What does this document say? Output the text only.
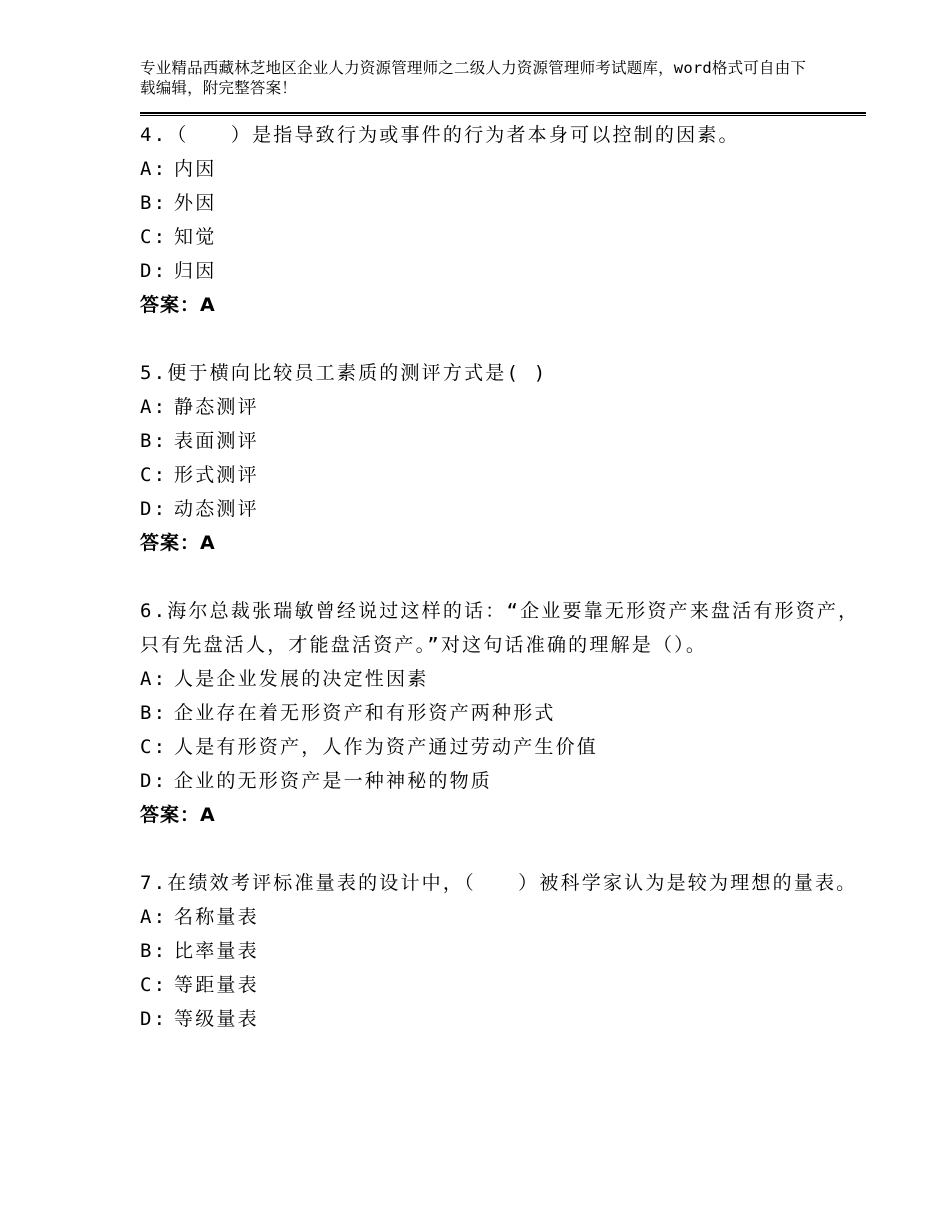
专业精品西藏林芝地区企业人力资源管理师之二级人力资源管理师考试题库，word格式可自由下载编辑，附完整答案！

4.（　　）是指导致行为或事件的行为者本身可以控制的因素。

A: 内因

B: 外因

C: 知觉

D: 归因

答案：A

5.便于横向比较员工素质的测评方式是( )

A: 静态测评

B: 表面测评

C: 形式测评

D: 动态测评

答案：A

6.海尔总裁张瑞敏曾经说过这样的话：“企业要靠无形资产来盘活有形资产，只有先盘活人，才能盘活资产。”对这句话准确的理解是（）。

A: 人是企业发展的决定性因素

B: 企业存在着无形资产和有形资产两种形式

C: 人是有形资产，人作为资产通过劳动产生价值

D: 企业的无形资产是一种神秘的物质

答案：A

7.在绩效考评标准量表的设计中，（　　）被科学家认为是较为理想的量表。

A: 名称量表

B: 比率量表

C: 等距量表

D: 等级量表
